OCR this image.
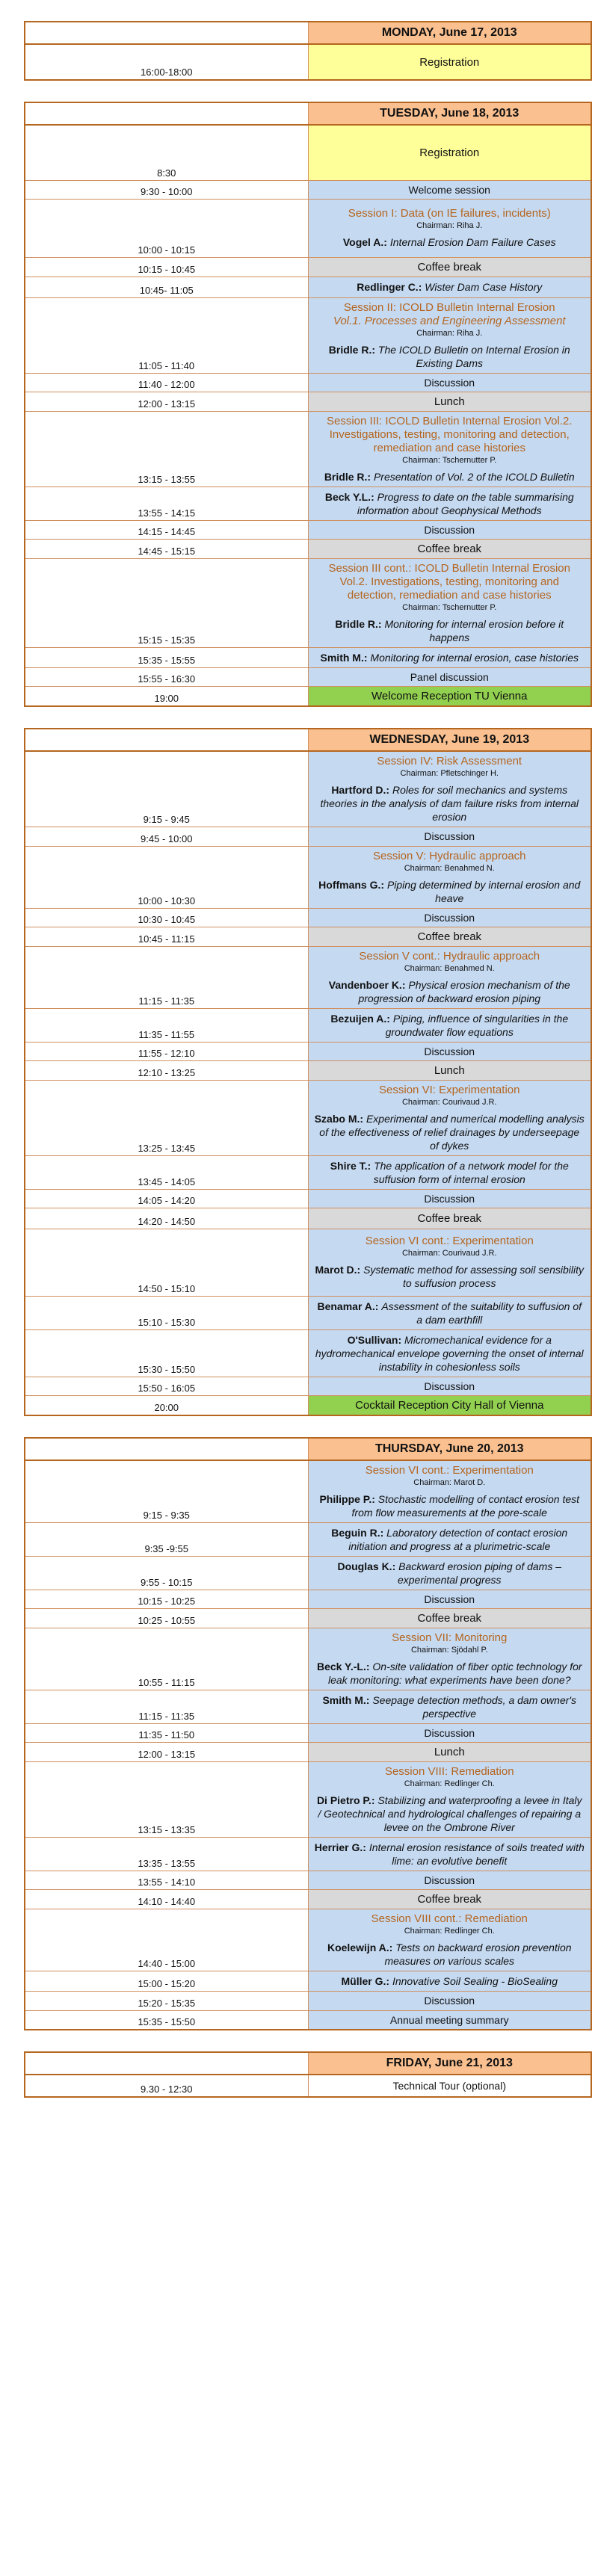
	MONDAY, June 17, 2013
16:00-18:00	Registration
	TUESDAY, June 18, 2013
8:30	Registration
9:30 - 10:00	Welcome session
10:00 - 10:15	Session I: Data (on IE failures, incidents)
Chairman: Riha J.
Vogel A.: Internal Erosion Dam Failure Cases

10:15 - 10:45	Coffee break
10:45- 11:05	Redlinger C.: Wister Dam Case History

11:05 - 11:40	Session II: ICOLD Bulletin Internal Erosion
Vol.1. Processes and Engineering Assessment
Chairman: Riha J.
Bridle R.: The ICOLD Bulletin on Internal Erosion in Existing Dams

11:40 - 12:00	Discussion
12:00 - 13:15	Lunch
13:15 - 13:55	Session III: ICOLD Bulletin Internal Erosion Vol.2. Investigations, testing, monitoring and detection, remediation and case histories
Chairman: Tschernutter P.
Bridle R.: Presentation of Vol. 2 of the ICOLD Bulletin

13:55 - 14:15	Beck Y.L.: Progress to date on the table summarising information about Geophysical Methods

14:15 - 14:45	Discussion
14:45 - 15:15	Coffee break
15:15 - 15:35	Session III cont.: ICOLD Bulletin Internal Erosion Vol.2. Investigations, testing, monitoring and detection, remediation and case histories
Chairman: Tschernutter P.
Bridle R.: Monitoring for internal erosion before it happens

15:35 - 15:55	Smith M.: Monitoring for internal erosion, case histories

15:55 - 16:30	Panel discussion
19:00	Welcome Reception TU Vienna
	WEDNESDAY, June 19, 2013
9:15 - 9:45	Session IV: Risk Assessment
Chairman: Pfletschinger H.
Hartford D.: Roles for soil mechanics and systems theories in the analysis of dam failure risks from internal erosion

9:45 - 10:00	Discussion
10:00 - 10:30	Session V: Hydraulic approach
Chairman: Benahmed N.
Hoffmans G.: Piping determined by internal erosion and heave

10:30 - 10:45	Discussion
10:45 - 11:15	Coffee break
11:15 - 11:35	Session V cont.: Hydraulic approach
Chairman: Benahmed N.
Vandenboer K.: Physical erosion mechanism of the progression of backward erosion piping

11:35 - 11:55	Bezuijen A.: Piping, influence of singularities in the groundwater flow equations

11:55 - 12:10	Discussion
12:10 - 13:25	Lunch
13:25 - 13:45	Session VI: Experimentation
Chairman: Courivaud J.R.
Szabo M.: Experimental and numerical modelling analysis of the effectiveness of relief drainages by underseepage of dykes

13:45 - 14:05	Shire T.: The application of a network model for the suffusion form of internal erosion

14:05 - 14:20	Discussion
14:20 - 14:50	Coffee break
14:50 - 15:10	Session VI cont.: Experimentation
Chairman: Courivaud J.R.
Marot D.: Systematic method for assessing soil sensibility to suffusion process

15:10 - 15:30	Benamar A.: Assessment of the suitability to suffusion of a dam earthfill

15:30 - 15:50	O'Sullivan: Micromechanical evidence for a hydromechanical envelope governing the onset of internal instability in cohesionless soils

15:50 - 16:05	Discussion
20:00	Cocktail Reception City Hall of Vienna
	THURSDAY, June 20, 2013
9:15 - 9:35	Session VI cont.: Experimentation
Chairman: Marot D.
Philippe P.: Stochastic modelling of contact erosion test from flow measurements at the pore-scale

9:35 -9:55	Beguin R.: Laboratory detection of contact erosion initiation and progress at a plurimetric-scale

9:55 - 10:15	Douglas K.: Backward erosion piping of dams – experimental progress

10:15 - 10:25	Discussion
10:25 - 10:55	Coffee break
10:55 - 11:15	Session VII: Monitoring
Chairman: Sjödahl P.
Beck Y.-L.: On-site validation of fiber optic technology for leak monitoring: what experiments have been done?

11:15 - 11:35	Smith M.: Seepage detection methods, a dam owner's perspective

11:35 - 11:50	Discussion
12:00 - 13:15	Lunch
13:15 - 13:35	Session VIII: Remediation
Chairman: Redlinger Ch.
Di Pietro P.: Stabilizing and waterproofing a levee in Italy / Geotechnical and hydrological challenges of repairing a levee on the Ombrone River

13:35 - 13:55	Herrier G.: Internal erosion resistance of soils treated with lime: an evolutive benefit

13:55 - 14:10	Discussion
14:10 - 14:40	Coffee break
14:40 - 15:00	Session VIII cont.: Remediation
Chairman: Redlinger Ch.
Koelewijn A.: Tests on backward erosion prevention measures on various scales

15:00 - 15:20	Müller G.: Innovative Soil Sealing - BioSealing

15:20 - 15:35	Discussion
15:35 - 15:50	Annual meeting summary
	FRIDAY, June 21, 2013
9.30 - 12:30	Technical Tour (optional)
